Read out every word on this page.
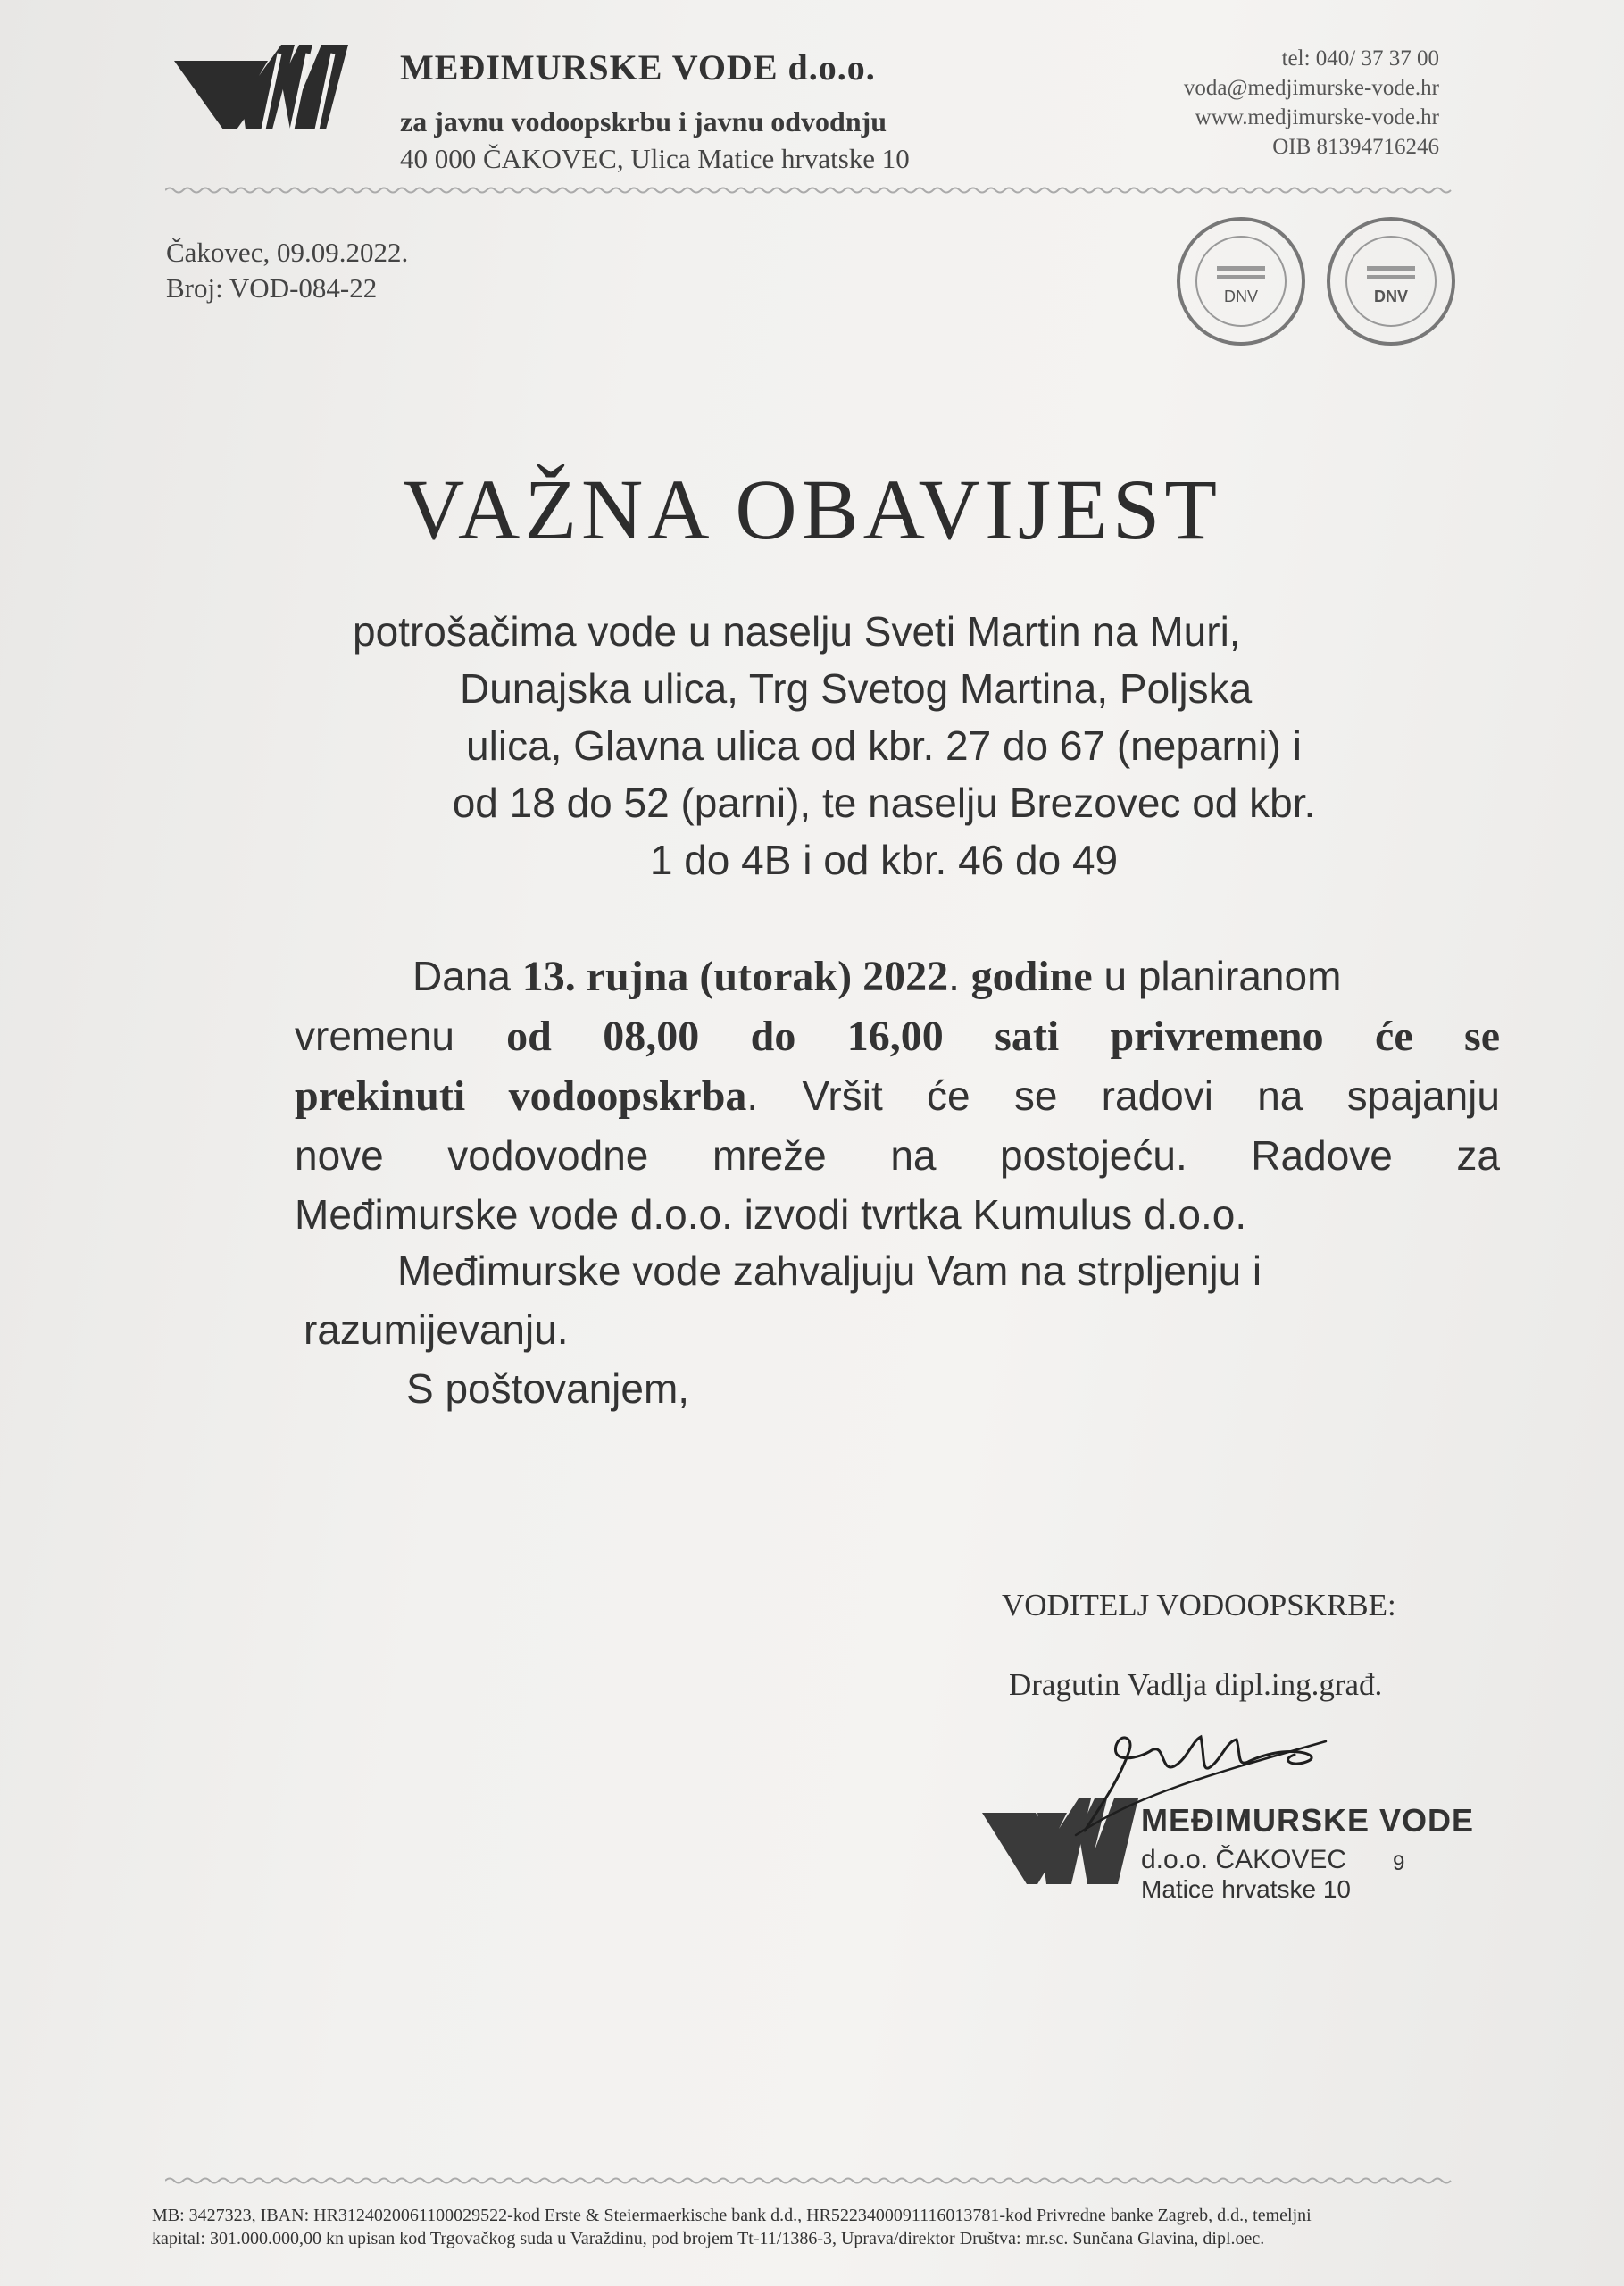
MEĐIMURSKE VODE d.o.o.
za javnu vodoopskrbu i javnu odvodnju
40 000 ČAKOVEC, Ulica Matice hrvatske 10
tel: 040/ 37 37 00
voda@medjimurske-vode.hr
www.medjimurske-vode.hr
OIB 81394716246
Čakovec, 09.09.2022.
Broj: VOD-084-22	DNV	DNV
VAŽNA OBAVIJEST
potrošačima vode u naselju Sveti Martin na Muri,
Dunajska ulica, Trg Svetog Martina, Poljska
ulica, Glavna ulica od kbr. 27 do 67 (neparni) i
od 18 do 52 (parni), te naselju Brezovec od kbr.
1 do 4B i od kbr. 46 do 49
Dana 13. rujna (utorak) 2022. godine u planiranom
vremenu od 08,00 do 16,00 sati privremeno će se
prekinuti vodoopskrba. Vršit će se radovi na spajanju
nove vodovodne mreže na postojeću. Radove za
Međimurske vode d.o.o. izvodi tvrtka Kumulus d.o.o.
Međimurske vode zahvaljuju Vam na strpljenju i
razumijevanju.
S poštovanjem,
VODITELJ VODOOPSKRBE:
Dragutin Vadlja dipl.ing.građ.
MEĐIMURSKE VODE
d.o.o. ČAKOVEC
Matice hrvatske 10
9
MB: 3427323, IBAN: HR3124020061100029522-kod Erste & Steiermaerkische bank d.d., HR5223400091116013781-kod Privredne banke Zagreb, d.d., temeljni
kapital: 301.000.000,00 kn upisan kod Trgovačkog suda u Varaždinu, pod brojem Tt-11/1386-3, Uprava/direktor Društva: mr.sc. Sunčana Glavina, dipl.oec.
